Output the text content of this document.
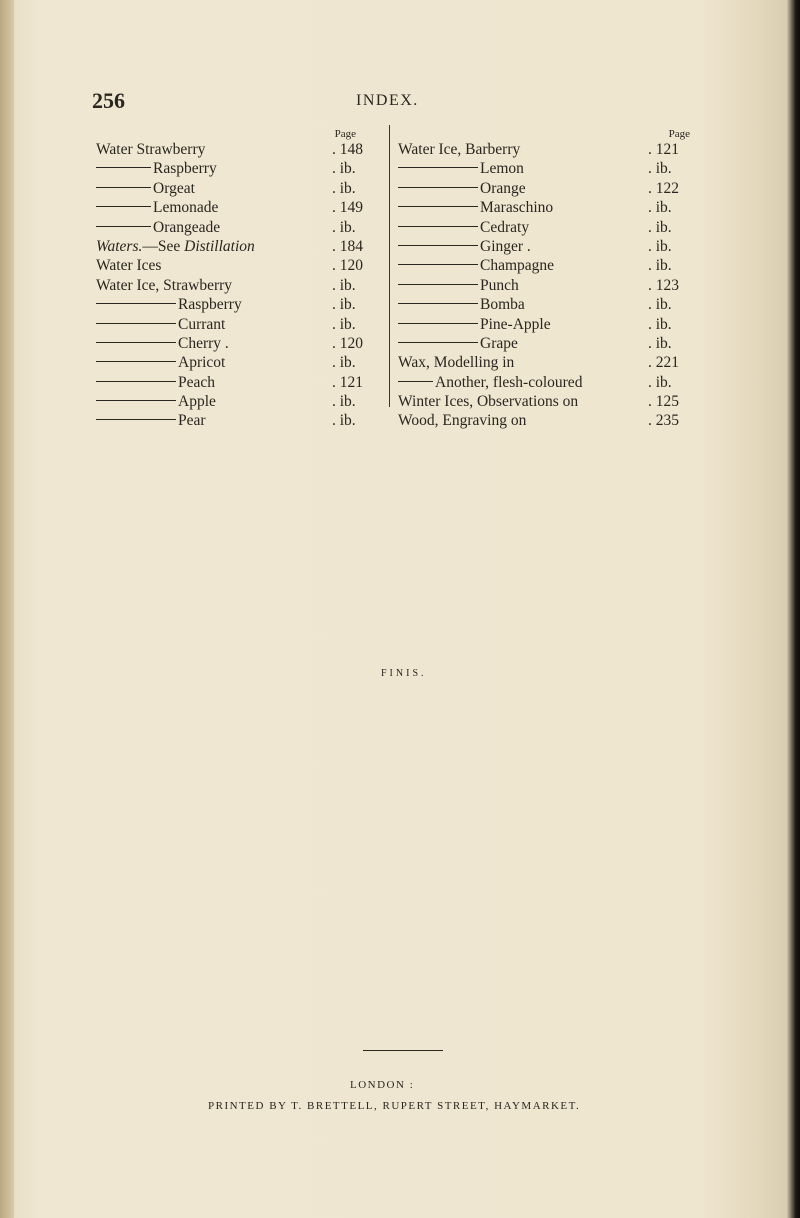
256	INDEX.
Page
Water Strawberry	. 148
Raspberry	. ib.
Orgeat	. ib.
Lemonade	. 149
Orangeade	. ib.
Waters.—See Distillation	. 184
Water Ices	. 120
Water Ice, Strawberry	. ib.
Raspberry	. ib.
Currant	. ib.
Cherry .	. 120
Apricot	. ib.
Peach	. 121
Apple	. ib.
Pear	. ib.
Page
Water Ice, Barberry	. 121
Lemon	. ib.
Orange	. 122
Maraschino	. ib.
Cedraty	. ib.
Ginger .	. ib.
Champagne	. ib.
Punch	. 123
Bomba	. ib.
Pine-Apple	. ib.
Grape	. ib.
Wax, Modelling in	. 221
Another, flesh-coloured	. ib.
Winter Ices, Observations on	. 125
Wood, Engraving on	. 235
FINIS.
LONDON :
PRINTED BY T. BRETTELL, RUPERT STREET, HAYMARKET.
